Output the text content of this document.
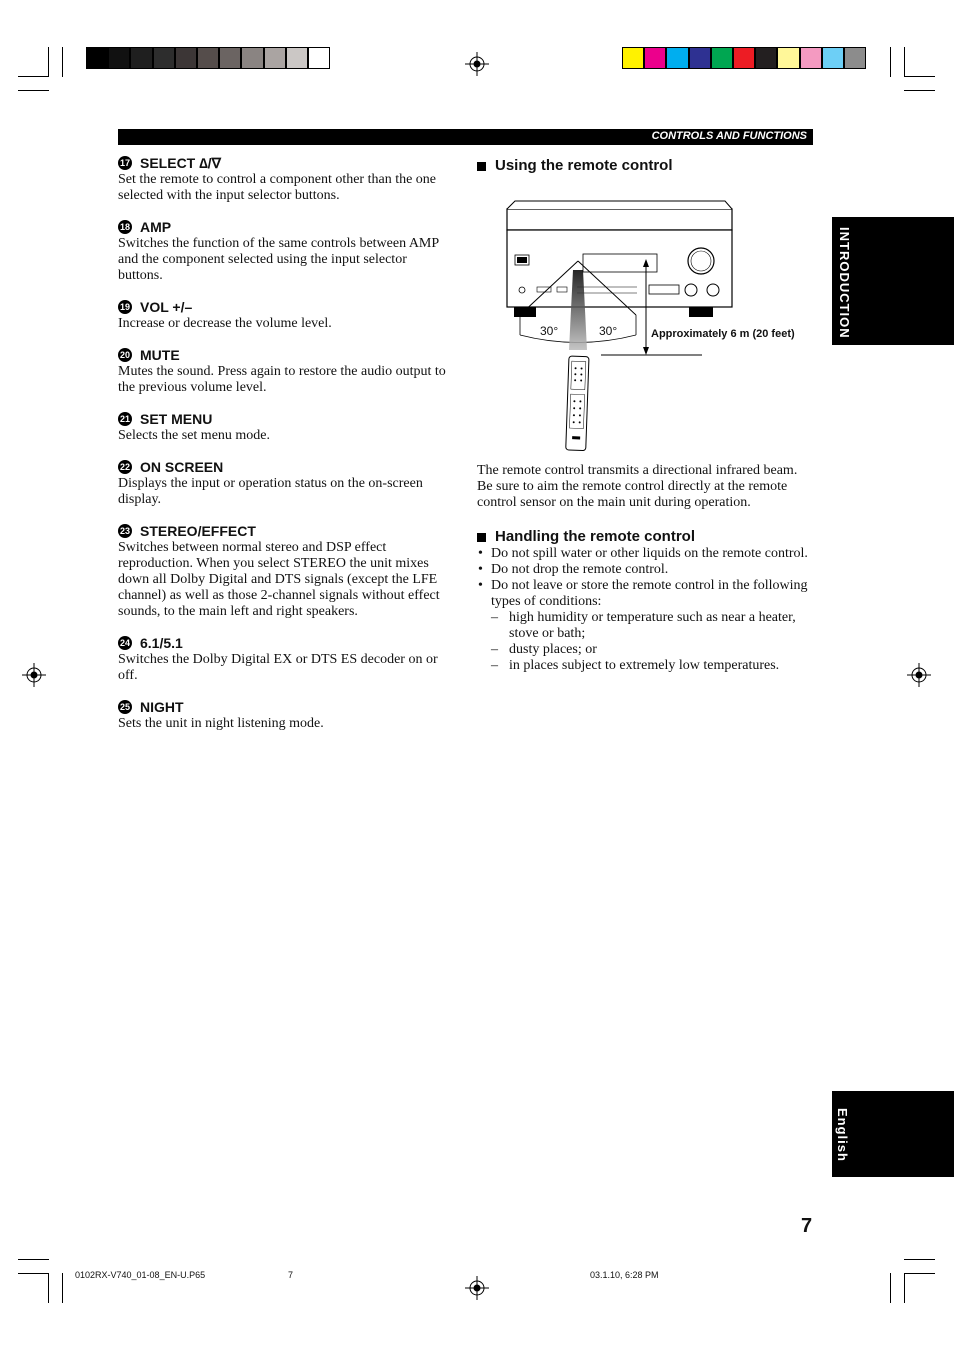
CONTROLS AND FUNCTIONS
17 SELECT ∆/∇

Set the remote to control a component other than the one selected with the input selector buttons.

18 AMP

Switches the function of the same controls between AMP and the component selected using the input selector buttons.

19 VOL +/–

Increase or decrease the volume level.

20 MUTE

Mutes the sound. Press again to restore the audio output to the previous volume level.

21 SET MENU

Selects the set menu mode.

22 ON SCREEN

Displays the input or operation status on the on-screen display.

23 STEREO/EFFECT

Switches between normal stereo and DSP effect reproduction. When you select STEREO the unit mixes down all Dolby Digital and DTS signals (except the LFE channel) as well as those 2-channel signals without effect sounds, to the main left and right speakers.

24 6.1/5.1

Switches the Dolby Digital EX or DTS ES decoder on or off.

25 NIGHT

Sets the unit in night listening mode.

Using the remote control
30°	30°	Approximately 6 m (20 feet)

The remote control transmits a directional infrared beam. Be sure to aim the remote control directly at the remote control sensor on the main unit during operation.

Handling the remote control
• Do not spill water or other liquids on the remote control.
• Do not drop the remote control.
• Do not leave or store the remote control in the following types of conditions:
– high humidity or temperature such as near a heater, stove or bath;
– dusty places; or
– in places subject to extremely low temperatures.
INTRODUCTION
English
7
0102RX-V740_01-08_EN-U.P65	7	03.1.10, 6:28 PM
